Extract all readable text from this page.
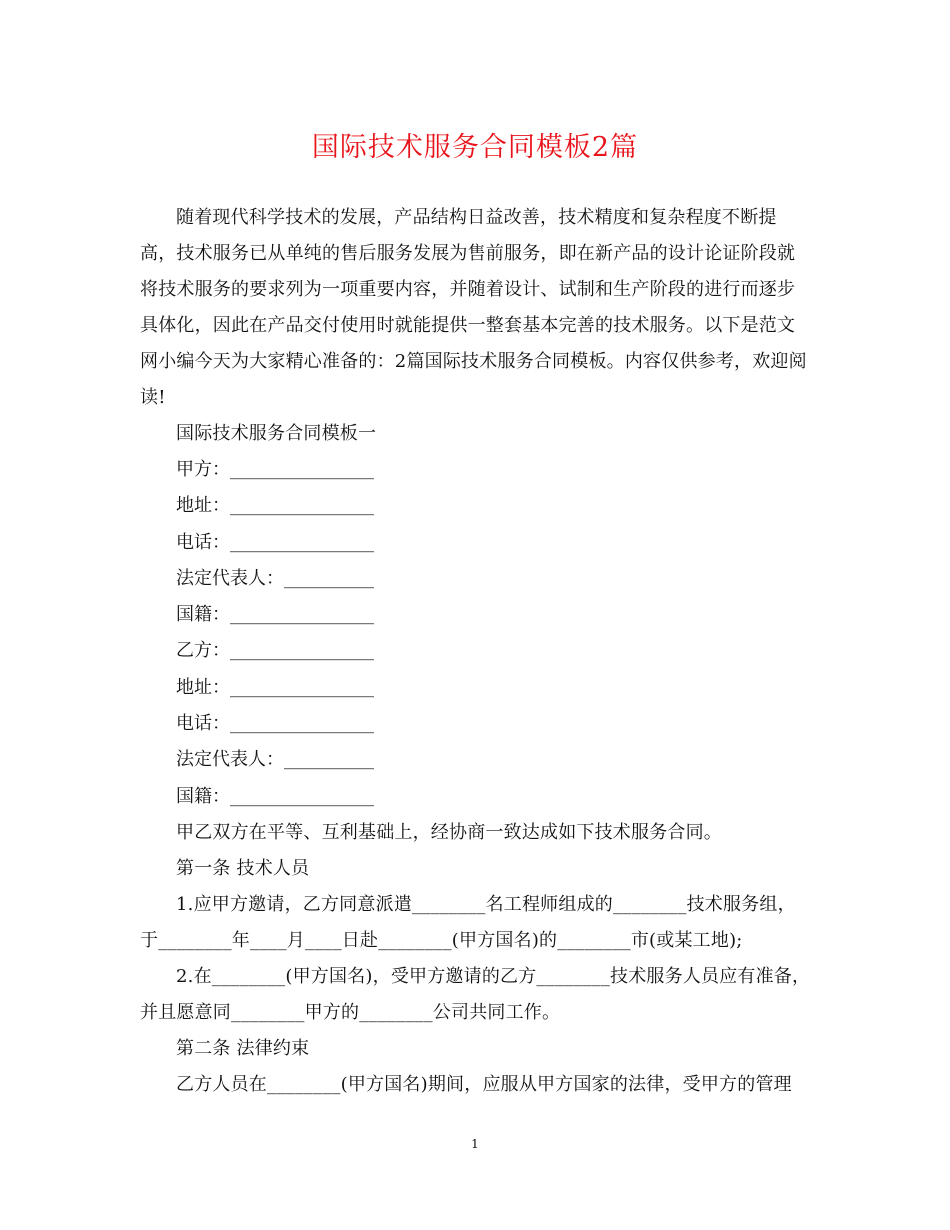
国际技术服务合同模板2篇

随着现代科学技术的发展，产品结构日益改善，技术精度和复杂程度不断提高，技术服务已从单纯的售后服务发展为售前服务，即在新产品的设计论证阶段就将技术服务的要求列为一项重要内容，并随着设计、试制和生产阶段的进行而逐步具体化，因此在产品交付使用时就能提供一整套基本完善的技术服务。以下是范文网小编今天为大家精心准备的：2篇国际技术服务合同模板。内容仅供参考，欢迎阅读!

国际技术服务合同模板一

甲方：________________

地址：________________

电话：________________

法定代表人：__________

国籍：________________

乙方：________________

地址：________________

电话：________________

法定代表人：__________

国籍：________________

甲乙双方在平等、互利基础上，经协商一致达成如下技术服务合同。

第一条 技术人员

1.应甲方邀请，乙方同意派遣________名工程师组成的________技术服务组，于________年____月____日赴________(甲方国名)的________市(或某工地);

2.在________(甲方国名)，受甲方邀请的乙方________技术服务人员应有准备，并且愿意同________甲方的________公司共同工作。

第二条 法律约束

乙方人员在________(甲方国名)期间，应服从甲方国家的法律，受甲方的管理

1
